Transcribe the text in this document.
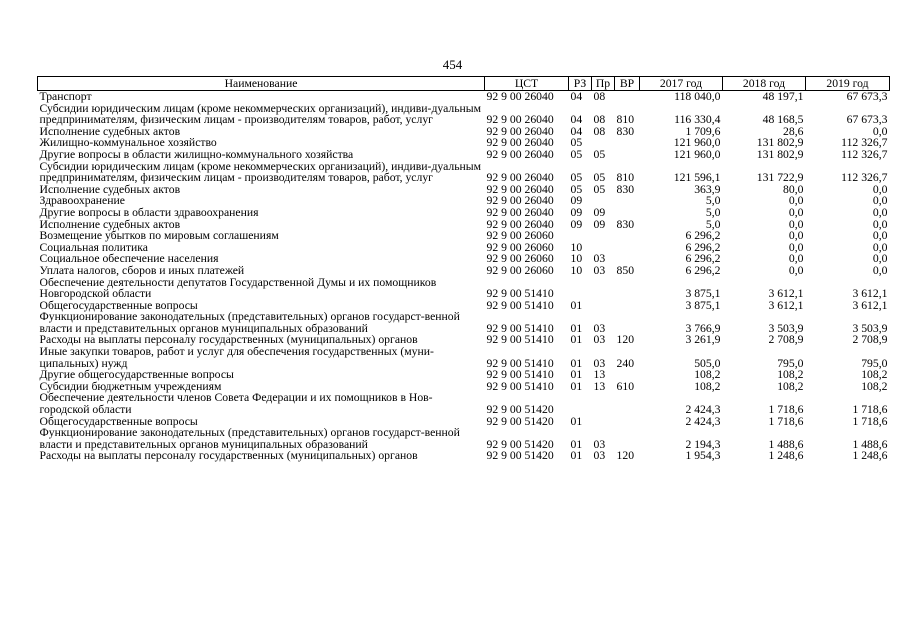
454
Наименование	ЦСТ	РЗ	Пр	ВР	2017 год	2018 год	2019 год
Транспорт	92 9 00 26040	04	08		118 040,0	48 197,1	67 673,3
Субсидии юридическим лицам (кроме некоммерческих организаций), индиви-дуальным предпринимателям, физическим лицам - производителям товаров, работ, услуг	92 9 00 26040	04	08	810	116 330,4	48 168,5	67 673,3
Исполнение судебных актов	92 9 00 26040	04	08	830	1 709,6	28,6	0,0
Жилищно-коммунальное хозяйство	92 9 00 26040	05			121 960,0	131 802,9	112 326,7
Другие вопросы в области жилищно-коммунального хозяйства	92 9 00 26040	05	05		121 960,0	131 802,9	112 326,7
Субсидии юридическим лицам (кроме некоммерческих организаций), индиви-дуальным предпринимателям, физическим лицам - производителям товаров, работ, услуг	92 9 00 26040	05	05	810	121 596,1	131 722,9	112 326,7
Исполнение судебных актов	92 9 00 26040	05	05	830	363,9	80,0	0,0
Здравоохранение	92 9 00 26040	09			5,0	0,0	0,0
Другие вопросы в области здравоохранения	92 9 00 26040	09	09		5,0	0,0	0,0
Исполнение судебных актов	92 9 00 26040	09	09	830	5,0	0,0	0,0
Возмещение убытков по мировым соглашениям	92 9 00 26060				6 296,2	0,0	0,0
Социальная политика	92 9 00 26060	10			6 296,2	0,0	0,0
Социальное обеспечение населения	92 9 00 26060	10	03		6 296,2	0,0	0,0
Уплата налогов, сборов и иных платежей	92 9 00 26060	10	03	850	6 296,2	0,0	0,0
Обеспечение деятельности депутатов Государственной Думы и их помощников Новгородской области	92 9 00 51410				3 875,1	3 612,1	3 612,1
Общегосударственные вопросы	92 9 00 51410	01			3 875,1	3 612,1	3 612,1
Функционирование законодательных (представительных) органов государст-венной власти и представительных органов муниципальных образований	92 9 00 51410	01	03		3 766,9	3 503,9	3 503,9
Расходы на выплаты персоналу государственных (муниципальных) органов	92 9 00 51410	01	03	120	3 261,9	2 708,9	2 708,9
Иные закупки товаров, работ и услуг для обеспечения государственных (муни-ципальных) нужд	92 9 00 51410	01	03	240	505,0	795,0	795,0
Другие общегосударственные вопросы	92 9 00 51410	01	13		108,2	108,2	108,2
Субсидии бюджетным учреждениям	92 9 00 51410	01	13	610	108,2	108,2	108,2
Обеспечение деятельности членов Совета Федерации и их помощников в Нов-городской области	92 9 00 51420				2 424,3	1 718,6	1 718,6
Общегосударственные вопросы	92 9 00 51420	01			2 424,3	1 718,6	1 718,6
Функционирование законодательных (представительных) органов государст-венной власти и представительных органов муниципальных образований	92 9 00 51420	01	03		2 194,3	1 488,6	1 488,6
Расходы на выплаты персоналу государственных (муниципальных) органов	92 9 00 51420	01	03	120	1 954,3	1 248,6	1 248,6
